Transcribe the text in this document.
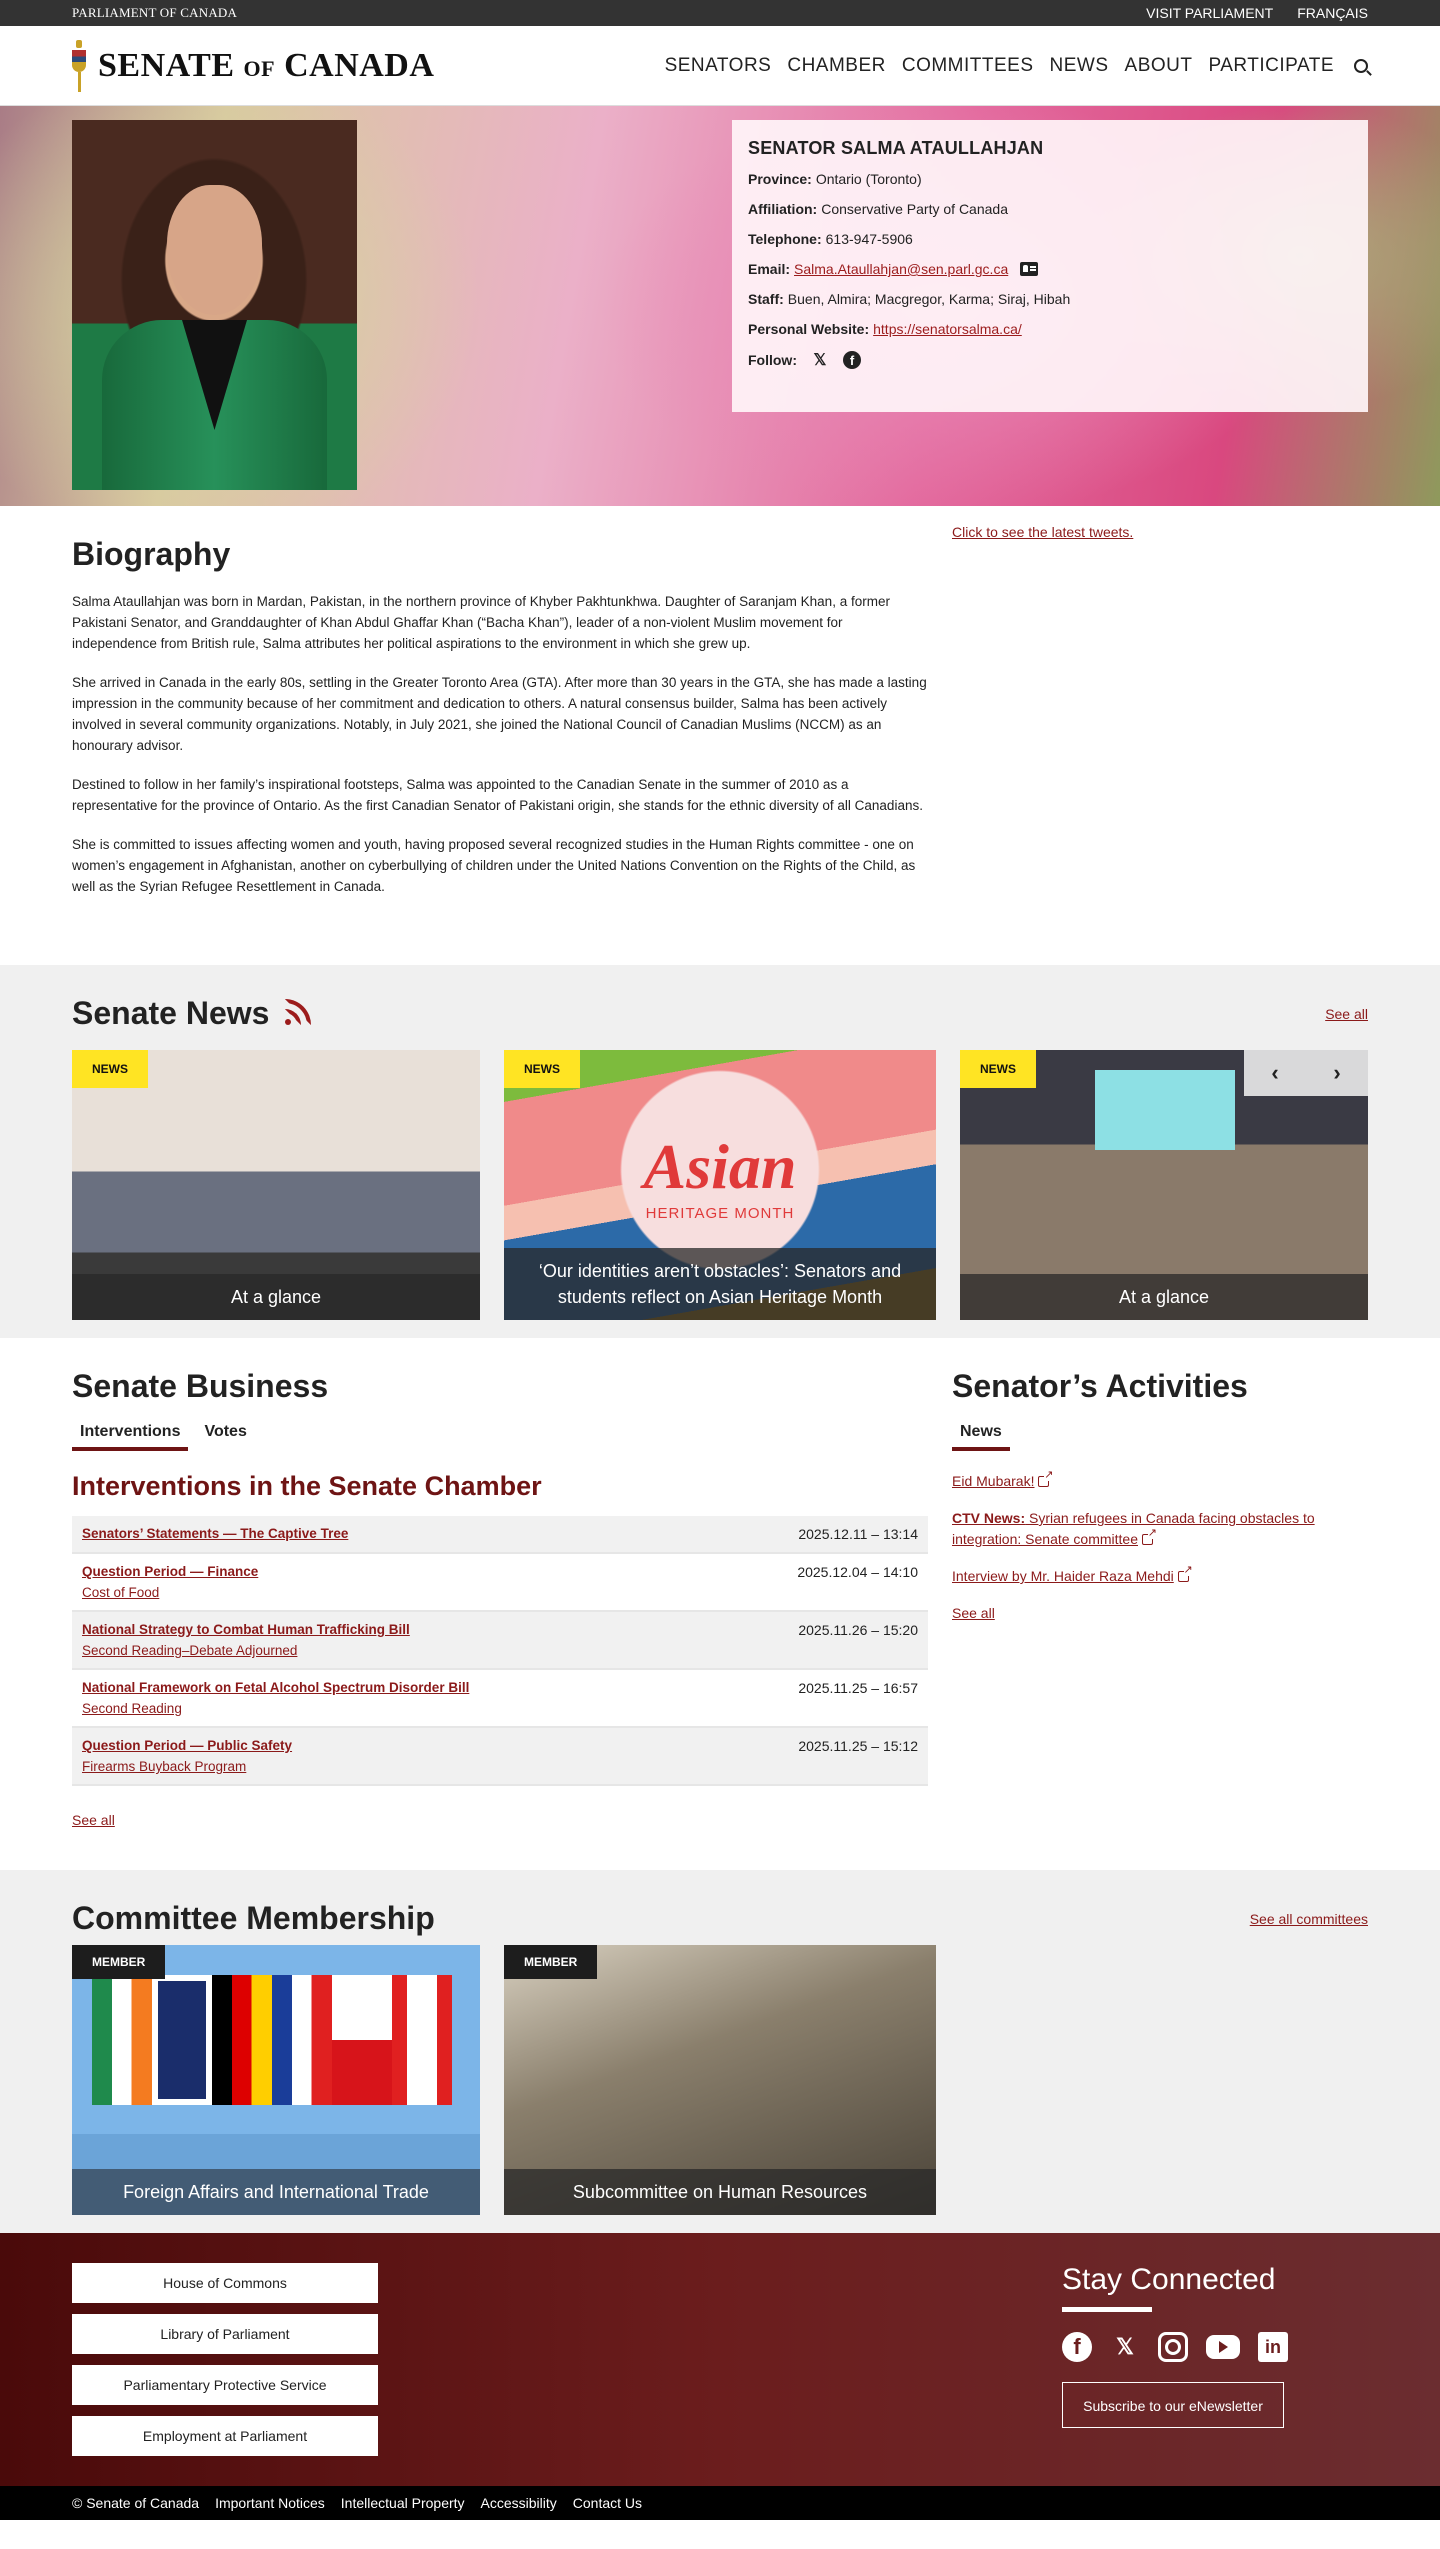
PARLIAMENT OF CANADA	VISIT PARLIAMENT FRANÇAIS
SENATE OF CANADA	SENATORS CHAMBER COMMITTEES NEWS ABOUT PARTICIPATE
SENATOR SALMA ATAULLAHJAN
Province: Ontario (Toronto)
Affiliation: Conservative Party of Canada
Telephone: 613-947-5906
Email: Salma.Ataullahjan@sen.parl.gc.ca
Staff: Buen, Almira; Macgregor, Karma; Siraj, Hibah
Personal Website: https://senatorsalma.ca/
Follow: 𝕏	f
Biography

Salma Ataullahjan was born in Mardan, Pakistan, in the northern province of Khyber Pakhtunkhwa. Daughter of Saranjam Khan, a former Pakistani Senator, and Granddaughter of Khan Abdul Ghaffar Khan (“Bacha Khan”), leader of a non-violent Muslim movement for independence from British rule, Salma attributes her political aspirations to the environment in which she grew up.

She arrived in Canada in the early 80s, settling in the Greater Toronto Area (GTA). After more than 30 years in the GTA, she has made a lasting impression in the community because of her commitment and dedication to others. A natural consensus builder, Salma has been actively involved in several community organizations. Notably, in July 2021, she joined the National Council of Canadian Muslims (NCCM) as an honourary advisor.

Destined to follow in her family’s inspirational footsteps, Salma was appointed to the Canadian Senate in the summer of 2010 as a representative for the province of Ontario. As the first Canadian Senator of Pakistani origin, she stands for the ethnic diversity of all Canadians.

She is committed to issues affecting women and youth, having proposed several recognized studies in the Human Rights committee - one on women’s engagement in Afghanistan, another on cyberbullying of children under the United Nations Convention on the Rights of the Child, as well as the Syrian Refugee Resettlement in Canada.

Click to see the latest tweets.
Senate News	See all
NEWS
At a glance
NEWS
Asian
HERITAGE MONTH
‘Our identities aren’t obstacles’: Senators and students reflect on Asian Heritage Month
NEWS	‹ ›
At a glance
Senate Business
Interventions	Votes
Interventions in the Senate Chamber
Senators’ Statements — The Captive Tree	2025.12.11 – 13:14
Question Period — Finance
Cost of Food
2025.12.04 – 14:10
National Strategy to Combat Human Trafficking Bill
Second Reading–Debate Adjourned
2025.11.26 – 15:20
National Framework on Fetal Alcohol Spectrum Disorder Bill
Second Reading
2025.11.25 – 16:57
Question Period — Public Safety
Firearms Buyback Program
2025.11.25 – 15:12
See all
Senator’s Activities
News
Eid Mubarak!↗
CTV News: Syrian refugees in Canada facing obstacles to integration: Senate committee↗
Interview by Mr. Haider Raza Mehdi↗
See all
Committee Membership	See all committees
MEMBER
Foreign Affairs and International Trade
MEMBER
Subcommittee on Human Resources
House of Commons
Library of Parliament
Parliamentary Protective Service
Employment at Parliament
Stay Connected
f	𝕏	in
Subscribe to our eNewsletter
© Senate of Canada Important Notices Intellectual Property Accessibility Contact Us
